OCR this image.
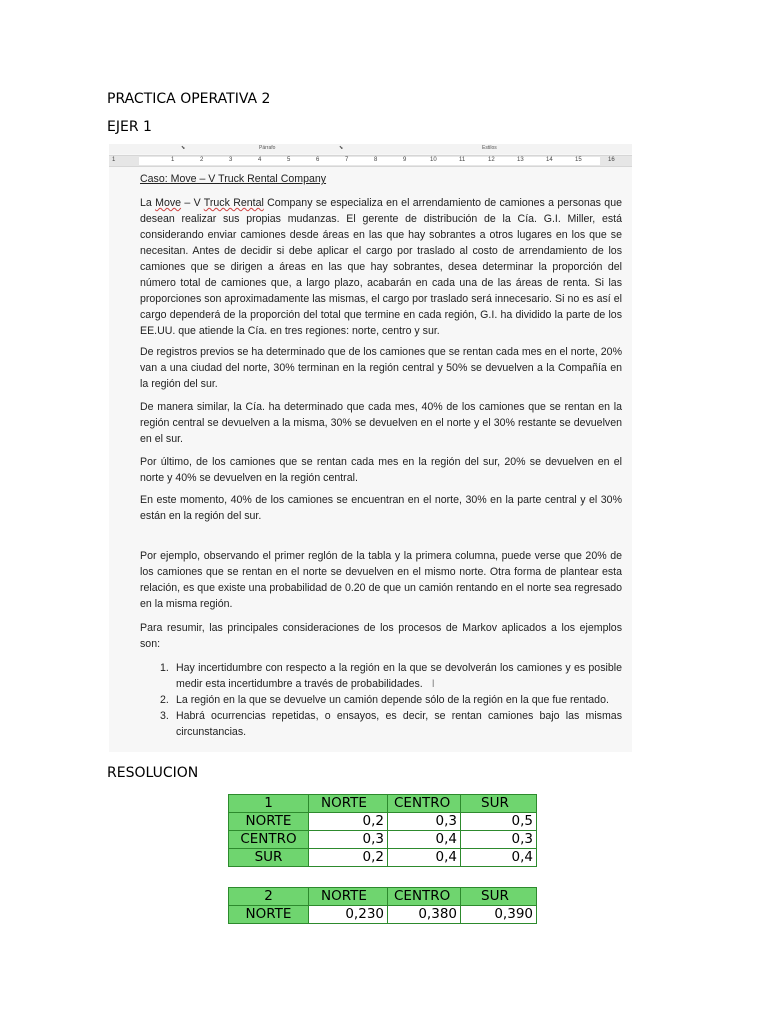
PRACTICA OPERATIVA 2
EJER 1
⬊	Párrafo	⬊	Estilos
1	1	2	3	4	5	6	7	8	9	10	11	12	13	14	15	16

Caso: Move – V Truck Rental Company

La Move – V Truck Rental Company se especializa en el arrendamiento de camiones a personas que desean realizar sus propias mudanzas. El gerente de distribución de la Cía. G.I. Miller, está considerando enviar camiones desde áreas en las que hay sobrantes a otros lugares en los que se necesitan. Antes de decidir si debe aplicar el cargo por traslado al costo de arrendamiento de los camiones que se dirigen a áreas en las que hay sobrantes, desea determinar la proporción del número total de camiones que, a largo plazo, acabarán en cada una de las áreas de renta. Si las proporciones son aproximadamente las mismas, el cargo por traslado será innecesario. Si no es así el cargo dependerá de la proporción del total que termine en cada región, G.I. ha dividido la parte de los EE.UU. que atiende la Cía. en tres regiones: norte, centro y sur.

De registros previos se ha determinado que de los camiones que se rentan cada mes en el norte, 20% van a una ciudad del norte, 30% terminan en la región central y 50% se devuelven a la Compañía en la región del sur.

De manera similar, la Cía. ha determinado que cada mes, 40% de los camiones que se rentan en la región central se devuelven a la misma, 30% se devuelven en el norte y el 30% restante se devuelven en el sur.

Por último, de los camiones que se rentan cada mes en la región del sur, 20% se devuelven en el norte y 40% se devuelven en la región central.

En este momento, 40% de los camiones se encuentran en el norte, 30% en la parte central y el 30% están en la región del sur.

Por ejemplo, observando el primer reglón de la tabla y la primera columna, puede verse que 20% de los camiones que se rentan en el norte se devuelven en el mismo norte. Otra forma de plantear esta relación, es que existe una probabilidad de 0.20 de que un camión rentando en el norte sea regresado en la misma región.

Para resumir, las principales consideraciones de los procesos de Markov aplicados a los ejemplos son:

1. Hay incertidumbre con respecto a la región en la que se devolverán los camiones y es posible medir esta incertidumbre a través de probabilidades. I
2. La región en la que se devuelve un camión depende sólo de la región en la que fue rentado.
3. Habrá ocurrencias repetidas, o ensayos, es decir, se rentan camiones bajo las mismas circunstancias.
RESOLUCION
1	NORTE	CENTRO	SUR
NORTE	0,2	0,3	0,5
CENTRO	0,3	0,4	0,3
SUR	0,2	0,4	0,4
2	NORTE	CENTRO	SUR
NORTE	0,230	0,380	0,390
